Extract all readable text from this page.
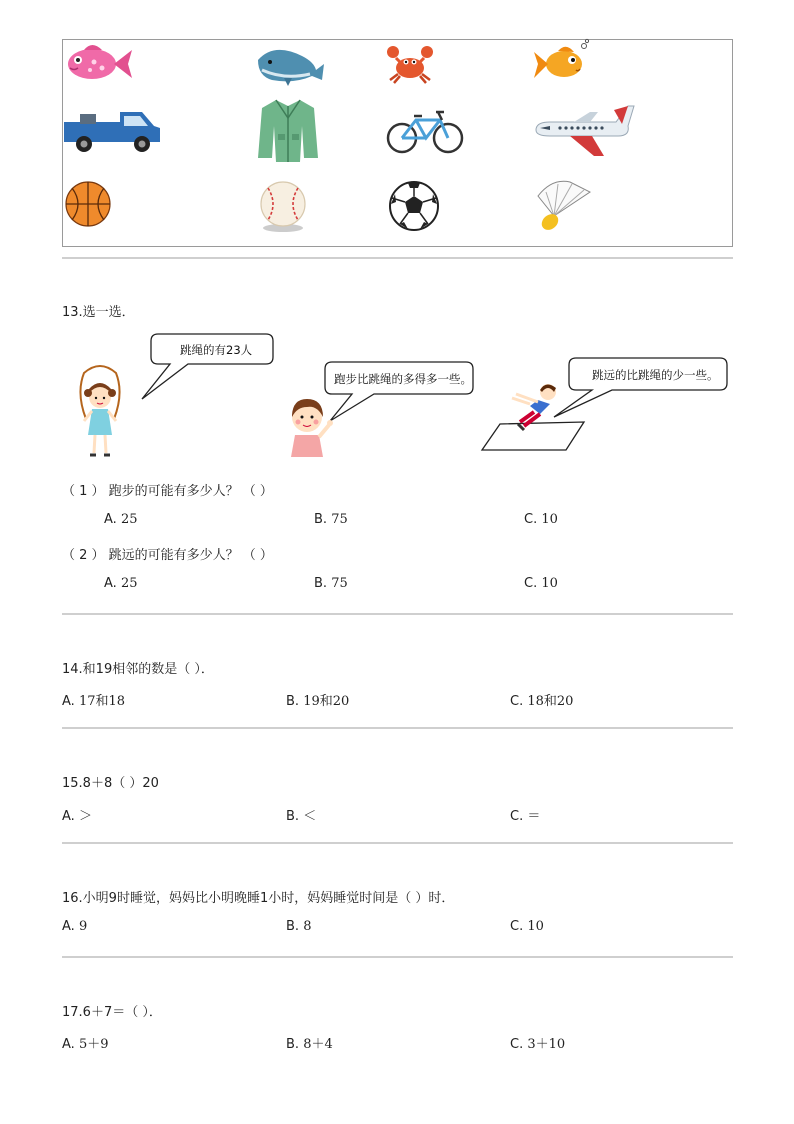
13.选一选．
跳绳的有23人
跑步比跳绳的多得多一些。	跳远的比跳绳的少一些。
（ 1 ） 跑步的可能有多少人？ （ ）
A. 25	B. 75	C. 10
（ 2 ） 跳远的可能有多少人？ （ ）
A. 25	B. 75	C. 10
14.和19相邻的数是（ ）．
A. 17和18	B. 19和20	C. 18和20
15.8＋8（ ）20
A. ＞	B. ＜	C. ＝
16.小明9时睡觉，妈妈比小明晚睡1小时，妈妈睡觉时间是（ ）时．
A. 9	B. 8	C. 10
17.6＋7＝（ ）．
A. 5＋9	B. 8＋4	C. 3＋10
